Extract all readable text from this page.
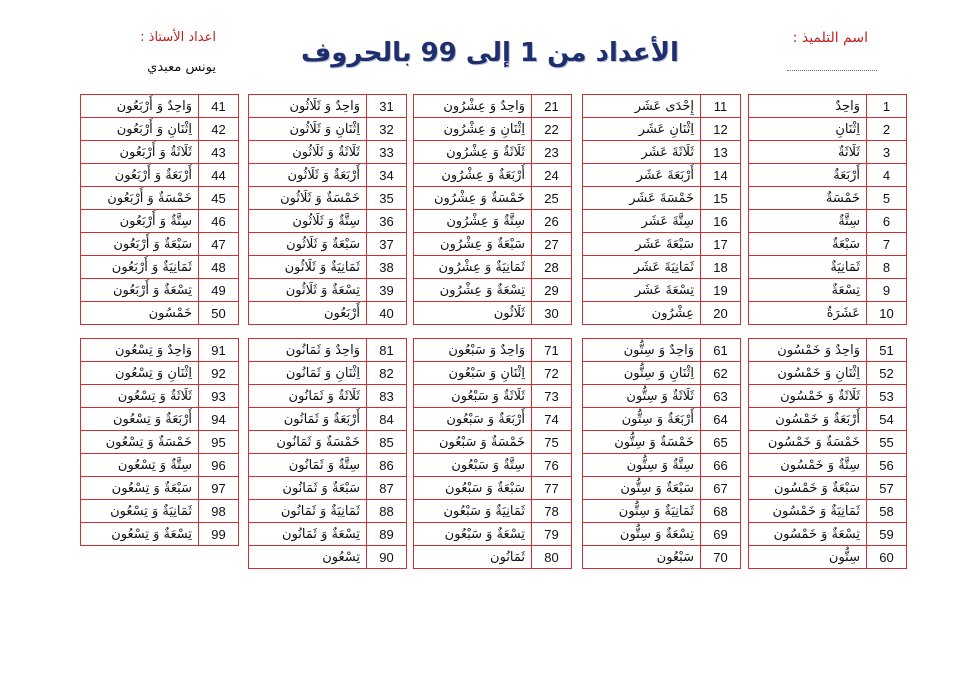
الأعداد من 1 إلى 99 بالحروف	اسم التلميذ :
اعداد الأستاذ :
يونس معبدي
وَاحِدٌ	1
اِثْنَانِ	2
ثَلَاثَةٌ	3
أَرْبَعَةٌ	4
خَمْسَةٌ	5
سِتَّةٌ	6
سَبْعَةٌ	7
ثَمَانِيَةٌ	8
تِسْعَةٌ	9
عَشَرَةٌ	10
إِحْدَى عَشَر	11
اِثْنَانِ عَشَر	12
ثَلَاثَةَ عَشَر	13
أَرْبَعَةَ عَشَر	14
خَمْسَةَ عَشَر	15
سِتَّةَ عَشَر	16
سَبْعَةَ عَشَر	17
ثَمَانِيَةَ عَشَر	18
تِسْعَةَ عَشَر	19
عِشْرُون	20
وَاحِدٌ وَ عِشْرُون	21
اِثْنَانِ وَ عِشْرُون	22
ثَلَاثَةٌ وَ عِشْرُون	23
أَرْبَعَةٌ وَ عِشْرُون	24
خَمْسَةٌ وَ عِشْرُون	25
سِتَّةٌ وَ عِشْرُون	26
سَبْعَةٌ وَ عِشْرُون	27
ثَمَانِيَةٌ وَ عِشْرُون	28
تِسْعَةٌ وَ عِشْرُون	29
ثَلَاثُون	30
وَاحِدٌ وَ ثَلَاثُون	31
اِثْنَانِ وَ ثَلَاثُون	32
ثَلَاثَةٌ وَ ثَلَاثُون	33
أَرْبَعَةٌ وَ ثَلَاثُون	34
خَمْسَةٌ وَ ثَلَاثُون	35
سِتَّةٌ وَ ثَلَاثُون	36
سَبْعَةٌ وَ ثَلَاثُون	37
ثَمَانِيَةٌ وَ ثَلَاثُون	38
تِسْعَةٌ وَ ثَلَاثُون	39
أَرْبَعُون	40
وَاحِدٌ وَ أَرْبَعُون	41
اِثْنَانِ وَ أَرْبَعُون	42
ثَلَاثَةٌ وَ أَرْبَعُون	43
أَرْبَعَةٌ وَ أَرْبَعُون	44
خَمْسَةٌ وَ أَرْبَعُون	45
سِتَّةٌ وَ أَرْبَعُون	46
سَبْعَةٌ وَ أَرْبَعُون	47
ثَمَانِيَةٌ وَ أَرْبَعُون	48
تِسْعَةٌ وَ أَرْبَعُون	49
خَمْسُون	50
وَاحِدٌ وَ خَمْسُون	51
اِثْنَانِ وَ خَمْسُون	52
ثَلَاثَةٌ وَ خَمْسُون	53
أَرْبَعَةٌ وَ خَمْسُون	54
خَمْسَةٌ وَ خَمْسُون	55
سِتَّةٌ وَ خَمْسُون	56
سَبْعَةٌ وَ خَمْسُون	57
ثَمَانِيَةٌ وَ خَمْسُون	58
تِسْعَةٌ وَ خَمْسُون	59
سِتُّون	60
وَاحِدٌ وَ سِتُّون	61
اِثْنَانِ وَ سِتُّون	62
ثَلَاثَةٌ وَ سِتُّون	63
أَرْبَعَةٌ وَ سِتُّون	64
خَمْسَةٌ وَ سِتُّون	65
سِتَّةٌ وَ سِتُّون	66
سَبْعَةٌ وَ سِتُّون	67
ثَمَانِيَةٌ وَ سِتُّون	68
تِسْعَةٌ وَ سِتُّون	69
سَبْعُون	70
وَاحِدٌ وَ سَبْعُون	71
اِثْنَانِ وَ سَبْعُون	72
ثَلَاثَةٌ وَ سَبْعُون	73
أَرْبَعَةٌ وَ سَبْعُون	74
خَمْسَةٌ وَ سَبْعُون	75
سِتَّةٌ وَ سَبْعُون	76
سَبْعَةٌ وَ سَبْعُون	77
ثَمَانِيَةٌ وَ سَبْعُون	78
تِسْعَةٌ وَ سَبْعُون	79
ثَمَانُون	80
وَاحِدٌ وَ ثَمَانُون	81
اِثْنَانِ وَ ثَمَانُون	82
ثَلَاثَةٌ وَ ثَمَانُون	83
أَرْبَعَةٌ وَ ثَمَانُون	84
خَمْسَةٌ وَ ثَمَانُون	85
سِتَّةٌ وَ ثَمَانُون	86
سَبْعَةٌ وَ ثَمَانُون	87
ثَمَانِيَةٌ وَ ثَمَانُون	88
تِسْعَةٌ وَ ثَمَانُون	89
تِسْعُون	90
وَاحِدٌ وَ تِسْعُون	91
اِثْنَانِ وَ تِسْعُون	92
ثَلَاثَةٌ وَ تِسْعُون	93
أَرْبَعَةٌ وَ تِسْعُون	94
خَمْسَةٌ وَ تِسْعُون	95
سِتَّةٌ وَ تِسْعُون	96
سَبْعَةٌ وَ تِسْعُون	97
ثَمَانِيَةٌ وَ تِسْعُون	98
تِسْعَةٌ وَ تِسْعُون	99
